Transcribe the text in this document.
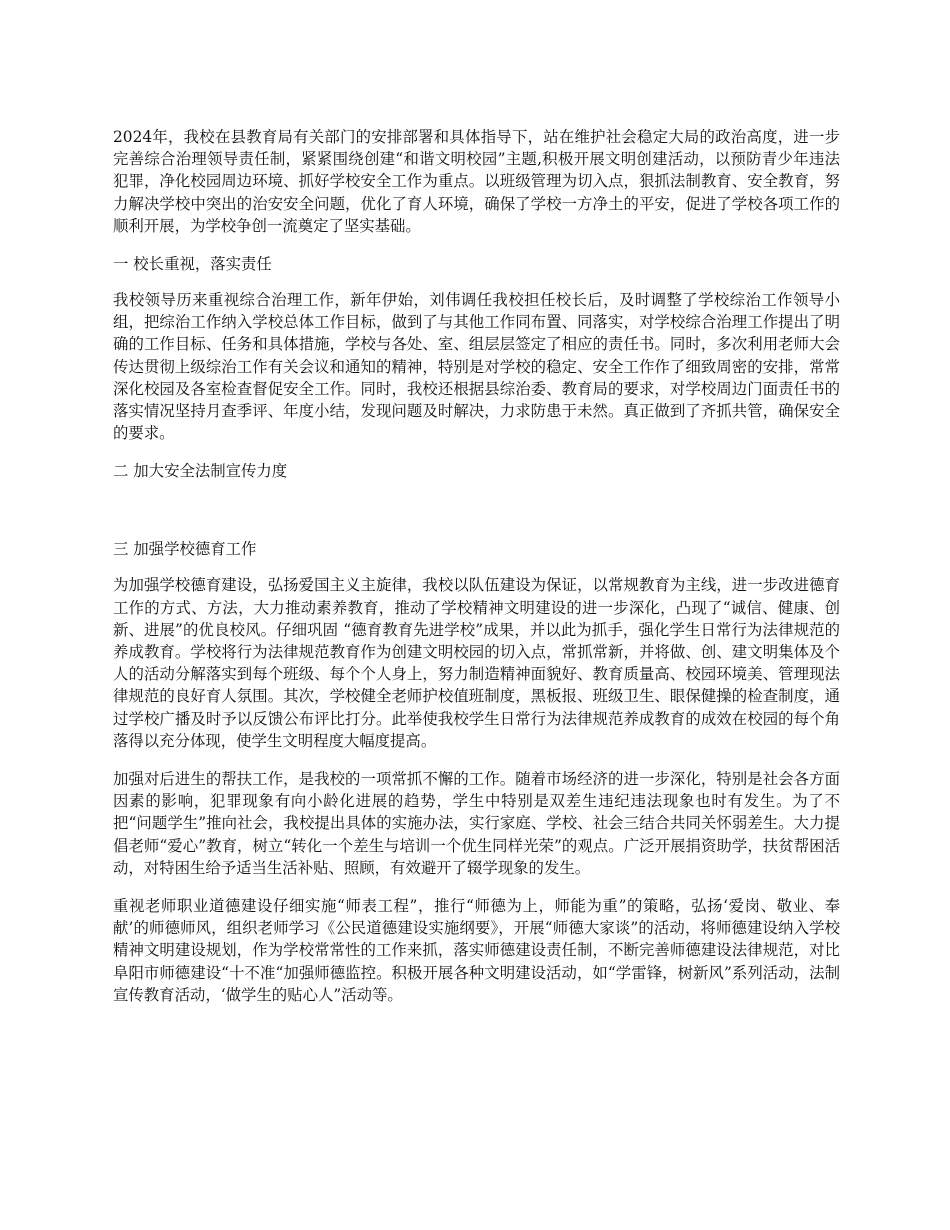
2024年，我校在县教育局有关部门的安排部署和具体指导下，站在维护社会稳定大局的政治高度，进一步完善综合治理领导责任制，紧紧围绕创建“和谐文明校园”主题,积极开展文明创建活动，以预防青少年违法犯罪，净化校园周边环境、抓好学校安全工作为重点。以班级管理为切入点，狠抓法制教育、安全教育，努力解决学校中突出的治安安全问题，优化了育人环境，确保了学校一方净土的平安，促进了学校各项工作的顺利开展，为学校争创一流奠定了坚实基础。

一 校长重视，落实责任

我校领导历来重视综合治理工作，新年伊始，刘伟调任我校担任校长后，及时调整了学校综治工作领导小组，把综治工作纳入学校总体工作目标，做到了与其他工作同布置、同落实，对学校综合治理工作提出了明确的工作目标、任务和具体措施，学校与各处、室、组层层签定了相应的责任书。同时，多次利用老师大会传达贯彻上级综治工作有关会议和通知的精神，特别是对学校的稳定、安全工作作了细致周密的安排，常常深化校园及各室检查督促安全工作。同时，我校还根据县综治委、教育局的要求，对学校周边门面责任书的落实情况坚持月查季评、年度小结，发现问题及时解决，力求防患于未然。真正做到了齐抓共管，确保安全的要求。

二 加大安全法制宣传力度

三 加强学校德育工作

为加强学校德育建设，弘扬爱国主义主旋律，我校以队伍建设为保证，以常规教育为主线，进一步改进德育工作的方式、方法，大力推动素养教育，推动了学校精神文明建设的进一步深化，凸现了“诚信、健康、创新、进展”的优良校风。仔细巩固 “德育教育先进学校”成果，并以此为抓手，强化学生日常行为法律规范的养成教育。学校将行为法律规范教育作为创建文明校园的切入点，常抓常新，并将做、创、建文明集体及个人的活动分解落实到每个班级、每个个人身上，努力制造精神面貌好、教育质量高、校园环境美、管理现法律规范的良好育人氛围。其次，学校健全老师护校值班制度，黑板报、班级卫生、眼保健操的检查制度，通过学校广播及时予以反馈公布评比打分。此举使我校学生日常行为法律规范养成教育的成效在校园的每个角落得以充分体现，使学生文明程度大幅度提高。

加强对后进生的帮扶工作，是我校的一项常抓不懈的工作。随着市场经济的进一步深化，特别是社会各方面因素的影响，犯罪现象有向小龄化进展的趋势，学生中特别是双差生违纪违法现象也时有发生。为了不把“问题学生”推向社会，我校提出具体的实施办法，实行家庭、学校、社会三结合共同关怀弱差生。大力提倡老师“爱心”教育，树立“转化一个差生与培训一个优生同样光荣”的观点。广泛开展捐资助学，扶贫帮困活动，对特困生给予适当生活补贴、照顾，有效避开了辍学现象的发生。

重视老师职业道德建设仔细实施“师表工程”，推行“师德为上，师能为重”的策略，弘扬‘爱岗、敬业、奉献’的师德师风，组织老师学习《公民道德建设实施纲要》，开展“师德大家谈”的活动，将师德建设纳入学校精神文明建设规划，作为学校常常性的工作来抓，落实师德建设责任制，不断完善师德建设法律规范，对比阜阳市师德建设“十不准“加强师德监控。积极开展各种文明建设活动，如“学雷锋，树新风”系列活动，法制宣传教育活动，‘做学生的贴心人”活动等。
